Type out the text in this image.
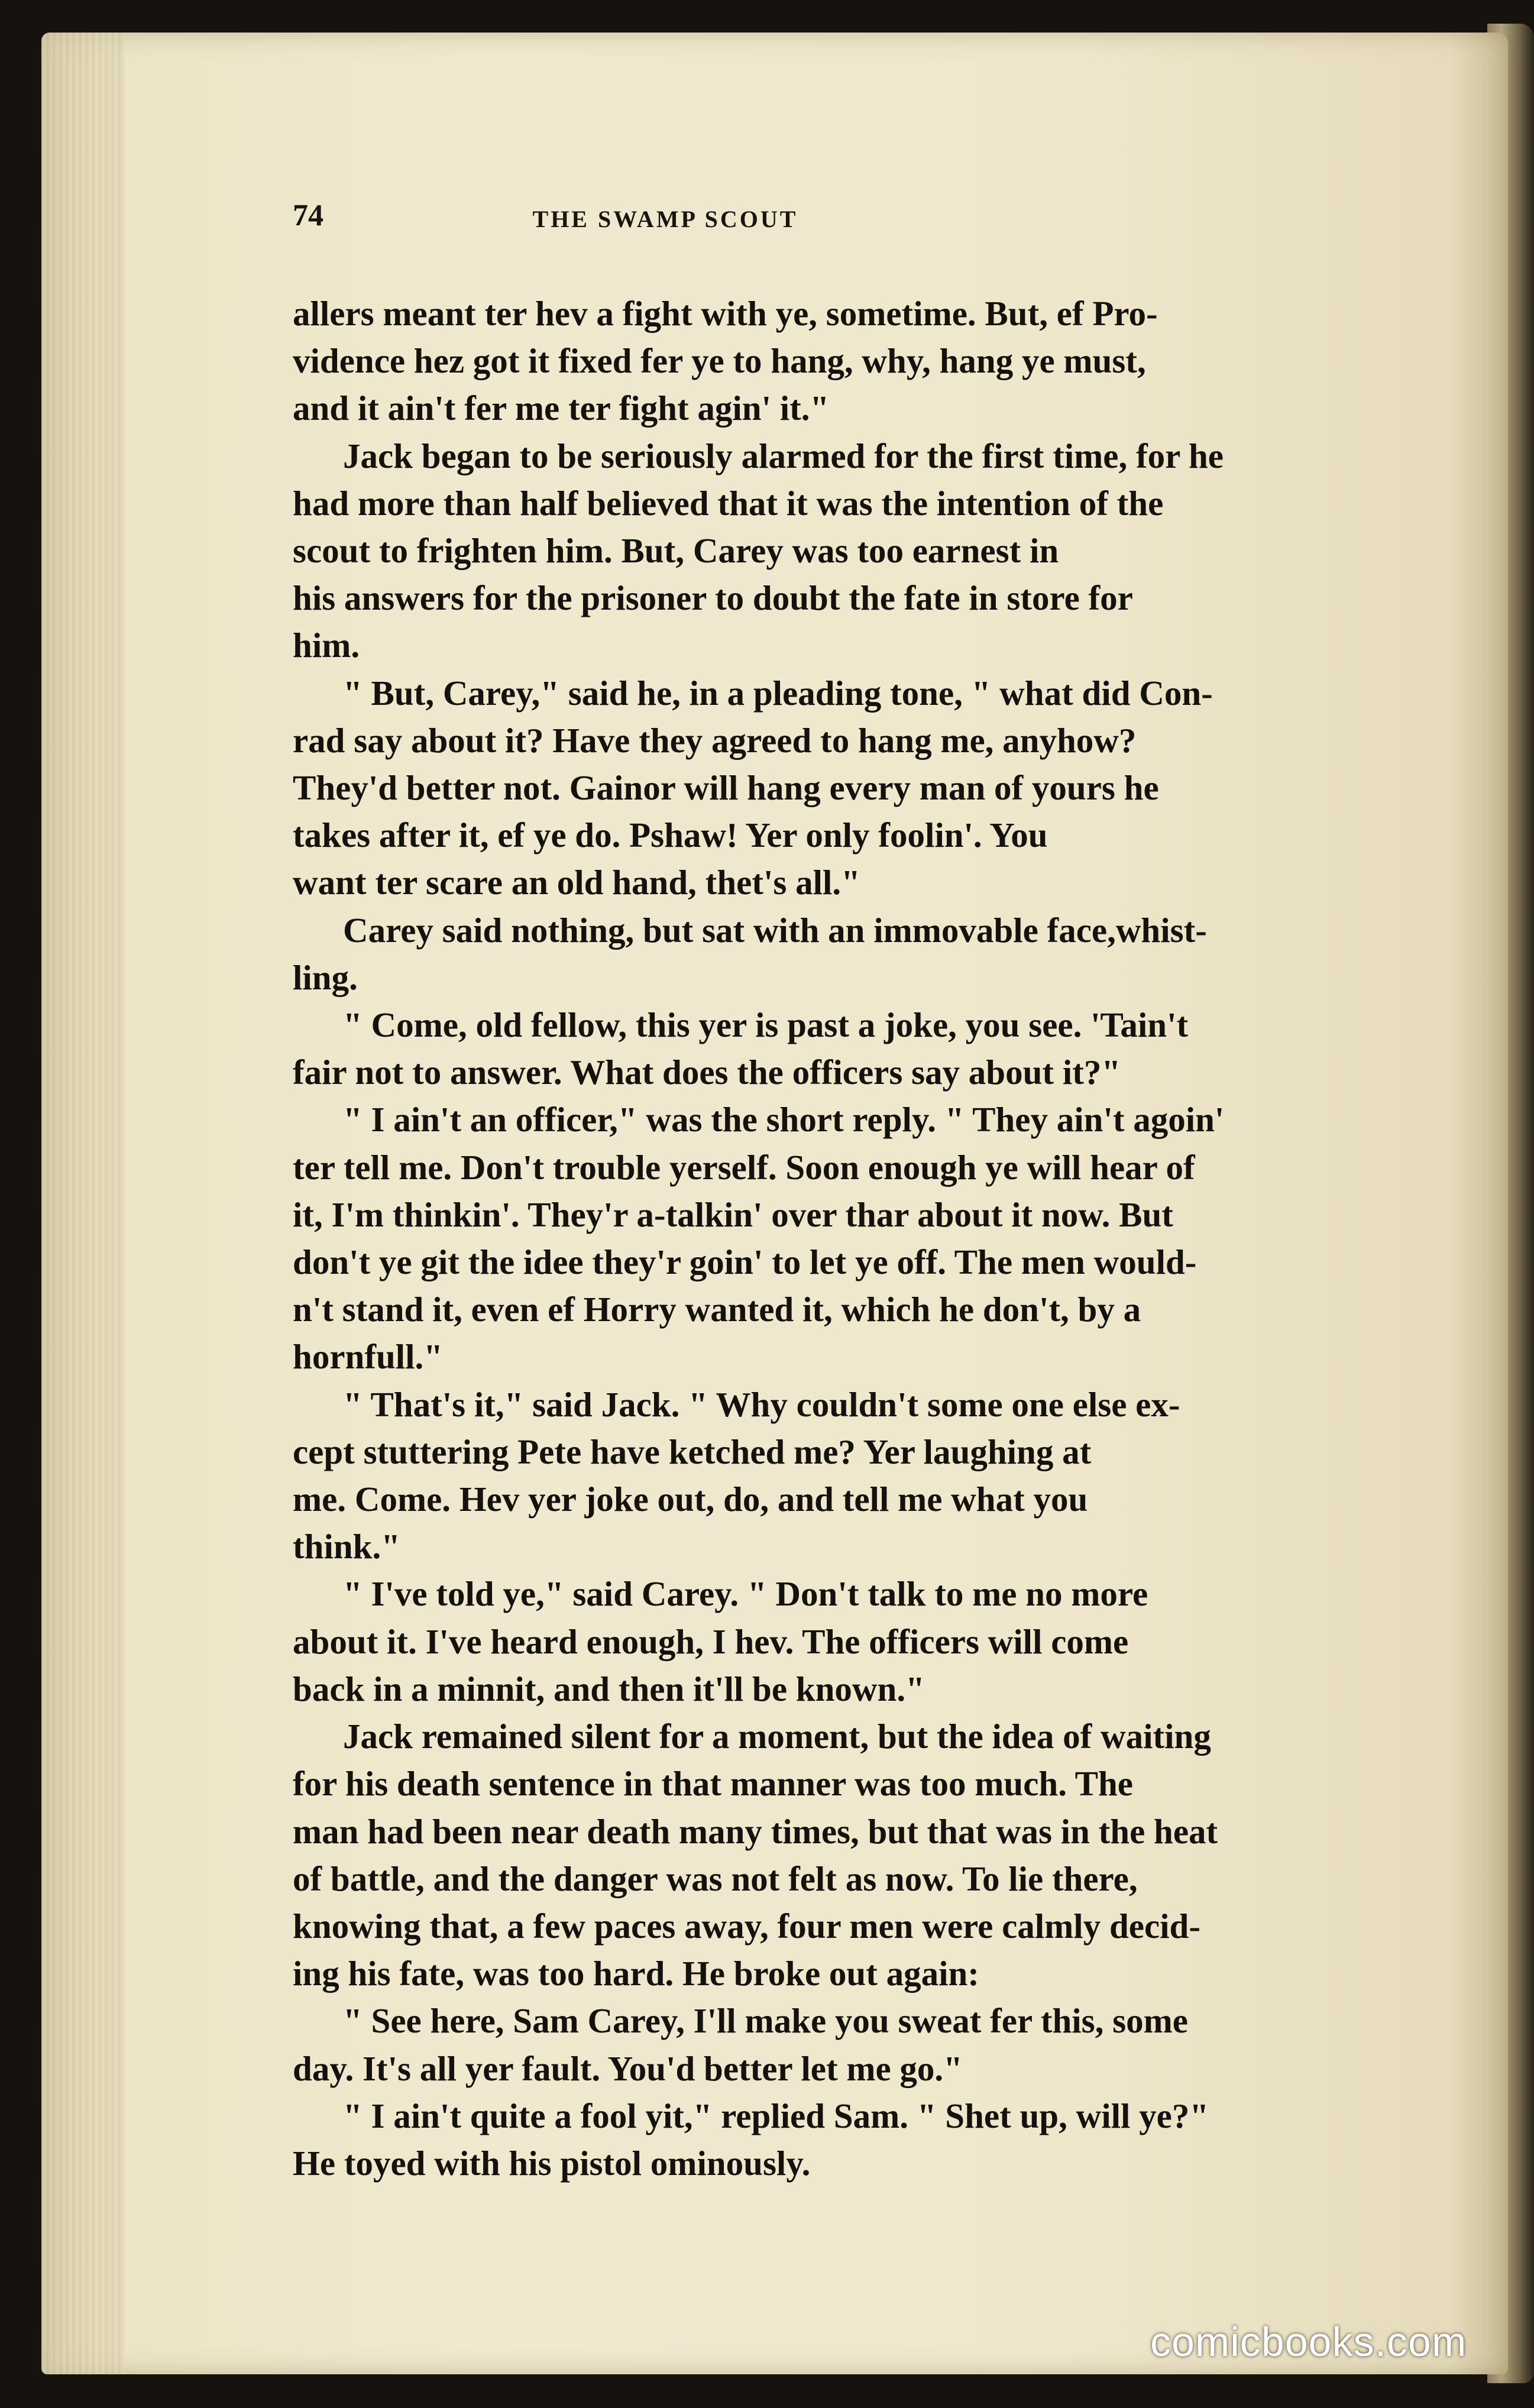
74	THE SWAMP SCOUT

allers meant ter hev a fight with ye, sometime. But, ef Pro-
vidence hez got it fixed fer ye to hang, why, hang ye must,
and it ain't fer me ter fight agin' it."

Jack began to be seriously alarmed for the first time, for he
had more than half believed that it was the intention of the
scout to frighten him. But, Carey was too earnest in
his answers for the prisoner to doubt the fate in store for
him.

" But, Carey," said he, in a pleading tone, " what did Con-
rad say about it? Have they agreed to hang me, anyhow?
They'd better not. Gainor will hang every man of yours he
takes after it, ef ye do. Pshaw! Yer only foolin'. You
want ter scare an old hand, thet's all."

Carey said nothing, but sat with an immovable face,whist-
ling.

" Come, old fellow, this yer is past a joke, you see. 'Tain't
fair not to answer. What does the officers say about it?"

" I ain't an officer," was the short reply. " They ain't agoin'
ter tell me. Don't trouble yerself. Soon enough ye will hear of
it, I'm thinkin'. They'r a-talkin' over thar about it now. But
don't ye git the idee they'r goin' to let ye off. The men would-
n't stand it, even ef Horry wanted it, which he don't, by a
hornfull."

" That's it," said Jack. " Why couldn't some one else ex-
cept stuttering Pete have ketched me? Yer laughing at
me. Come. Hev yer joke out, do, and tell me what you
think."

" I've told ye," said Carey. " Don't talk to me no more
about it. I've heard enough, I hev. The officers will come
back in a minnit, and then it'll be known."

Jack remained silent for a moment, but the idea of waiting
for his death sentence in that manner was too much. The
man had been near death many times, but that was in the heat
of battle, and the danger was not felt as now. To lie there,
knowing that, a few paces away, four men were calmly decid-
ing his fate, was too hard. He broke out again:

" See here, Sam Carey, I'll make you sweat fer this, some
day. It's all yer fault. You'd better let me go."

" I ain't quite a fool yit," replied Sam. " Shet up, will ye?"
He toyed with his pistol ominously.

comicbooks.com
